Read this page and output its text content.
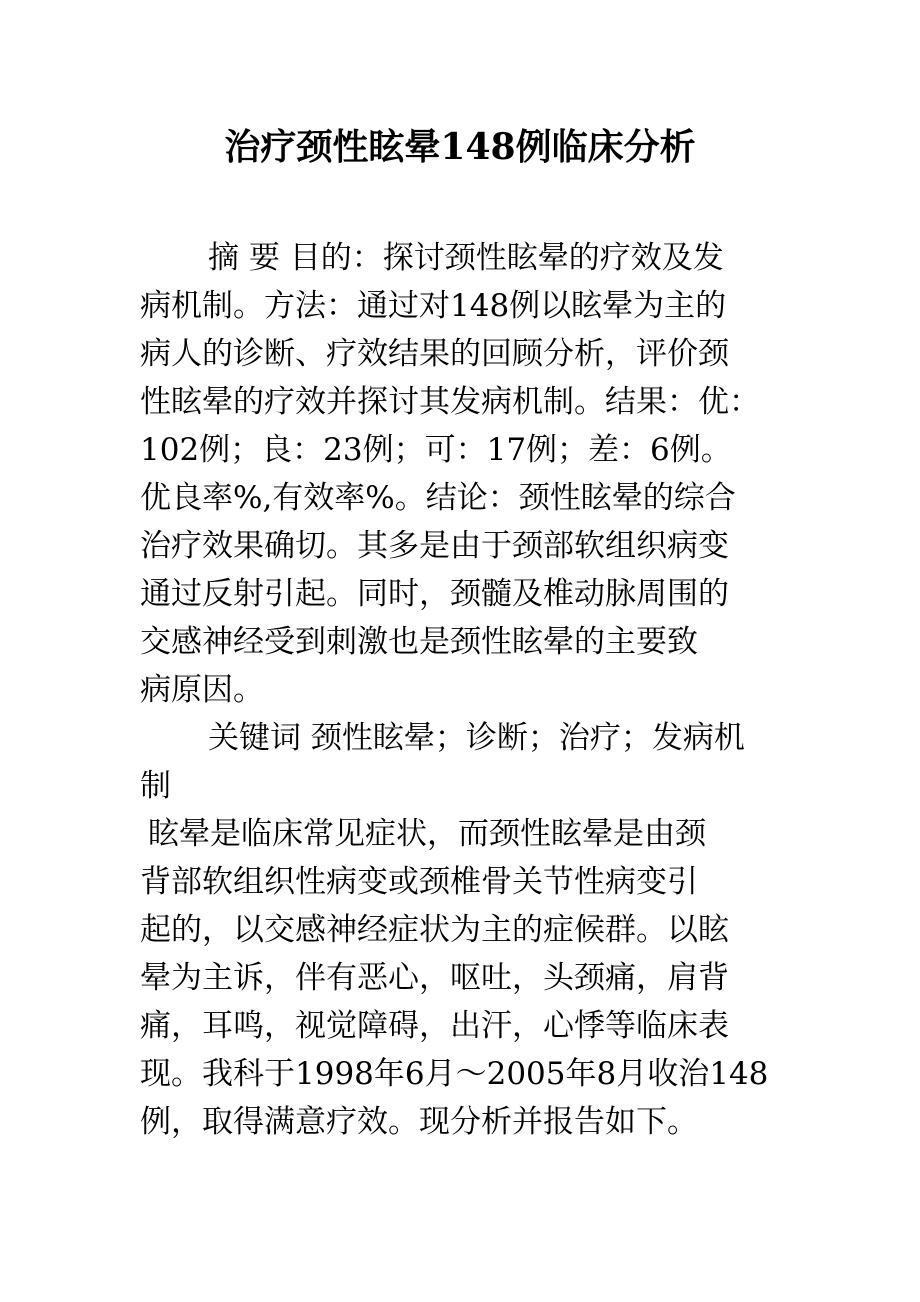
治疗颈性眩晕148例临床分析
摘 要 目的：探讨颈性眩晕的疗效及发
病机制。方法：通过对148例以眩晕为主的
病人的诊断、疗效结果的回顾分析，评价颈
性眩晕的疗效并探讨其发病机制。结果：优：
102例；良：23例；可：17例；差：6例。
优良率%,有效率%。结论：颈性眩晕的综合
治疗效果确切。其多是由于颈部软组织病变
通过反射引起。同时，颈髓及椎动脉周围的
交感神经受到刺激也是颈性眩晕的主要致
病原因。
关键词 颈性眩晕；诊断；治疗；发病机
制
眩晕是临床常见症状，而颈性眩晕是由颈
背部软组织性病变或颈椎骨关节性病变引
起的，以交感神经症状为主的症候群。以眩
晕为主诉，伴有恶心，呕吐，头颈痛，肩背
痛，耳鸣，视觉障碍，出汗，心悸等临床表
现。我科于1998年6月～2005年8月收治148
例，取得满意疗效。现分析并报告如下。
